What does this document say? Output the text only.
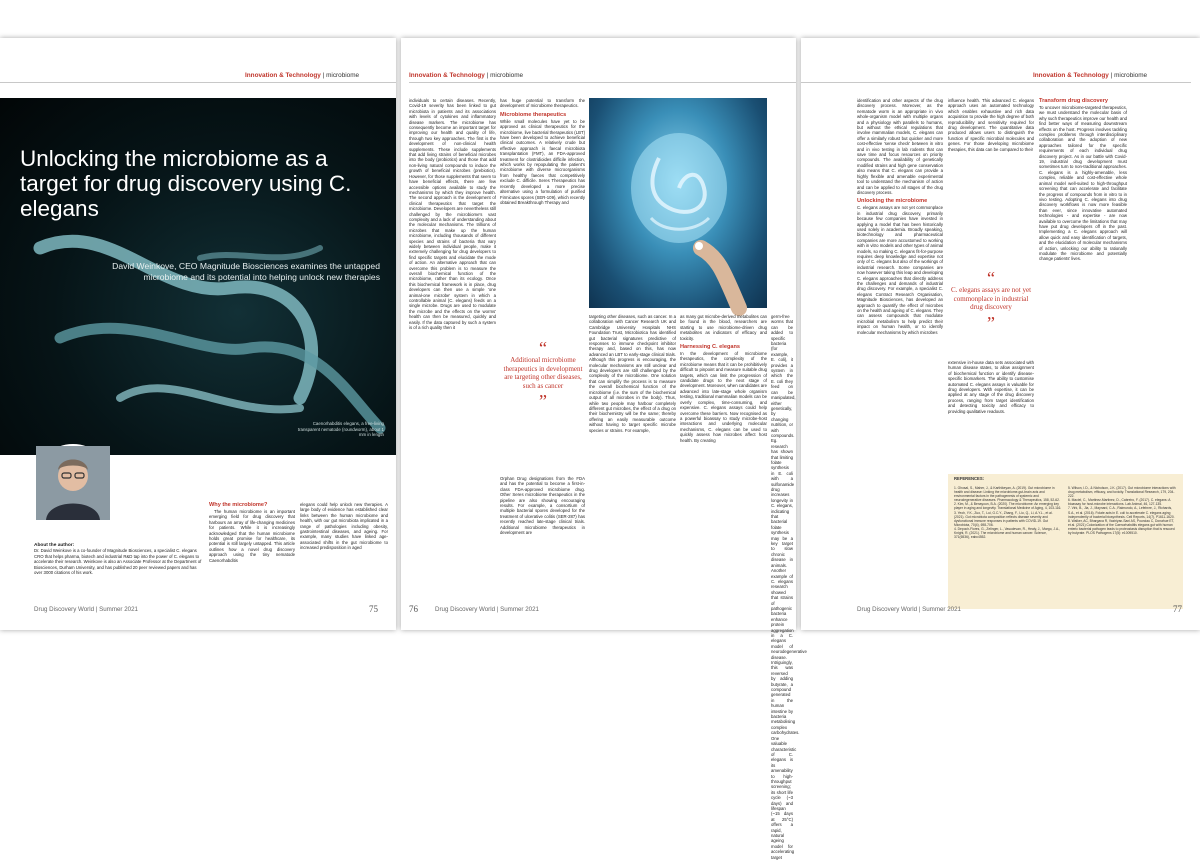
Innovation & Technology | microbiome
Unlocking the microbiome as a target for drug discovery using C. elegans
David Weinkove, CEO Magnitude Biosciences examines the untapped microbiome and its potential into helping unlock new therapies
Caenorhabditis elegans, a free-living transparent nematode (roundworm), about 1 mm in length
About the author:
Dr. David Weinkove is a co-founder of Magnitude Biosciences, a specialist C. elegans CRO that helps pharma, biotech and industrial R&D tap into the power of C. elegans to accelerate their research. Weinkove is also an Associate Professor at the Department of Biosciences, Durham University, and has published 20 peer reviewed papers and has over 3000 citations of his work.
Why the microbiome?

The human microbiome is an important emerging field for drug discovery that harbours an array of life-changing medicines for patients. While it is increasingly acknowledged that the human microbiome holds great promise for healthcare, its potential is still largely untapped. This article outlines how a novel drug discovery approach using the tiny nematode Caenorhabditis

elegans could help unlock new therapies. A large body of evidence has established clear links between the human microbiome and health, with our gut microbiota implicated in a range of pathologies including obesity, gastrointestinal diseases, and ageing. For example, many studies have linked age-associated shifts in the gut microbiome to increased predisposition in aged

Drug Discovery World | Summer 2021	75
Innovation & Technology | microbiome

individuals to certain diseases. Recently, Covid-19 severity has been linked to gut microbiota in patients and its associations with levels of cytokines and inflammatory disease markers. The microbiome has consequently become an important target for improving our health and quality of life, through two key approaches. The first is the development of non-clinical health supplements. These include supplements that add living strains of beneficial microbes into the body (probiotics) and those that add non-living natural compounds to induce the growth of beneficial microbes (prebiotics). However, for those supplements that seem to have beneficial effects, there are few accessible options available to study the mechanisms by which they improve health. The second approach is the development of clinical therapeutics that target the microbiome. Developers are nevertheless still challenged by the microbiome's vast complexity and a lack of understanding about the molecular mechanisms. The trillions of microbes that make up the human microbiome, including thousands of different species and strains of bacteria that vary widely between individual people, make it extremely challenging for drug developers to find specific targets and elucidate the mode of action. An alternative approach that can overcome this problem is to measure the overall biochemical function of the microbiome, rather than its ecology. Once this biochemical framework is in place, drug developers can then use a simple 'one animal-one microbe' system in which a controllable animal (C. elegans) feeds on a single microbe. Drugs are used to modulate the microbe and the effects on the worms' health can then be measured, quickly and easily. If the data captured by such a system is of a rich quality then it

has huge potential to transform the development of microbiome therapeutics.

Microbiome therapeutics

While small molecules have yet to be approved as clinical therapeutics for the microbiome, live bacterial therapeutics (LBT) have been developed to achieve beneficial clinical outcomes. A relatively crude but effective approach is faecal microbiota transplantation (FMT), an FDA-approved treatment for clostridioides difficile infection, which works by repopulating the patient's microbiome with diverse microorganisms from healthy faeces that competitively exclude C. difficile. Seres Therapeutics has recently developed a more precise alternative using a formulation of purified Firmicutes spores (SER-109), which recently obtained Breakthrough Therapy and

“
Additional microbiome therapeutics in development are targeting other diseases, such as cancer
”

Orphan Drug designations from the FDA and has the potential to become a first-in-class FDA-approved microbiome drug. Other Seres microbiome therapeutics in the pipeline are also showing encouraging results. For example, a consortium of multiple bacterial spores developed for the treatment of ulcerative colitis (SER-287) has recently reached late-stage clinical trials. Additional microbiome therapeutics in development are

targeting other diseases, such as cancer. In a collaboration with Cancer Research UK and Cambridge University Hospitals NHS Foundation Trust, Microbiotica has identified gut bacterial signatures predictive of responses to immune checkpoint inhibitor therapy and, based on this, has now advanced an LBT to early-stage clinical trials. Although this progress is encouraging, the molecular mechanisms are still unclear and drug developers are still challenged by the complexity of the microbiome. One solution that can simplify the process is to measure the overall biochemical function of the microbiome (i.e. the sum of the biochemical output of all microbes in the body). Thus, while two people may harbour completely different gut microbes, the effect of a drug on their biochemistry will be the same; thereby offering an easily measurable outcome without having to target specific microbe species or strains. For example,

as many gut microbe-derived metabolites can be found in the blood, researchers are starting to use microbiome-driven drug metabolites as indicators of efficacy and toxicity.

Harnessing C. elegans

In the development of microbiome therapeutics, the complexity of the microbiome means that it can be prohibitively difficult to pinpoint and measure suitable drug targets, which can limit the progression of candidate drugs to the next stage of development. Moreover, when candidates are advanced into late-stage whole organism testing, traditional mammalian models can be overly complex, time-consuming, and expensive. C. elegans assays could help overcome these barriers. Now recognised as a powerful bioassay to study microbe-host interactions and underlying molecular mechanisms, C. elegans can be used to quickly assess how microbes affect host health. By creating

Drug Discovery World | Summer 2021
76

germ-free worms that can be added to specific bacteria (for example, E. coli), it provides a system in which the E. coli they feed on can be manipulated, either genetically, by changing nutrition, or with compounds. Eg. research has shown that limiting folate synthesis in E. coli with a sulfonamide drug increases longevity in C. elegans, indicating that bacterial folate synthesis may be a key target to slow chronic disease in animals. Another example of C. elegans research showed that strains of pathogenic bacteria enhance protein aggregation in a C. elegans model of neurodegenerative disease. Intriguingly, this was reversed by adding butyrate, a compound generated in the human intestine by bacteria metabolising complex carbohydrates. One valuable characteristic of C. elegans is its amenability to high-throughput screening; its short life cycle (~3 days) and lifespan (~15 days at 25°C) offers a rapid, natural ageing model for accelerating target

Innovation & Technology | microbiome

identification and other aspects of the drug discovery process. Moreover, as the nematode worm is an appropriate in vivo whole-organism model with multiple organs and a physiology with parallels to humans, but without the ethical regulations that involve mammalian models, C. elegans can offer a similarly robust but quicker and more cost-effective 'sense check' between in vitro and in vivo testing in lab rodents that can save time and focus resources on priority compounds. The availability of genetically modified strains and high gene conservation also means that C. elegans can provide a highly flexible and amenable experimental tool to understand the mechanism of action and can be applied to all stages of the drug discovery process.

Unlocking the microbiome

C. elegans assays are not yet commonplace in industrial drug discovery, primarily because few companies have invested in applying a model that has been historically used solely in academia. Broadly speaking, biotechnology and pharmaceutical companies are more accustomed to working with in vitro models and other types of animal models, so making C. elegans fit-for-purpose requires deep knowledge and expertise not only of C. elegans but also of the workings of industrial research. Some companies are now however taking this leap and developing C. elegans approaches that directly address the challenges and demands of industrial drug discovery. For example, a specialist C. elegans Contract Research Organisation, Magnitude Biosciences, has developed an approach to quantify the effect of microbes on the health and ageing of C. elegans. They can assess compounds that modulate microbial metabolism to help predict their impact on human health, or to identify molecular mechanisms by which microbes

influence health. This advanced C. elegans approach uses an automated technology which enables exhaustive and rich data acquisition to provide the high degree of both reproducibility and sensitivity required for drug development. The quantitative data produced allows users to distinguish the function of specific microbial molecules and genes. For those developing microbiome therapies, this data can be compared to their

“
C. elegans assays are not yet commonplace in industrial drug discovery
”

extensive in-house data sets associated with human disease states, to allow assignment of biochemical function or identify disease-specific biomarkers. The ability to customise automated C. elegans assays is valuable for drug developers. With expertise, it can be applied at any stage of the drug discovery process, ranging from target identification and detecting toxicity and efficacy to providing qualitative readouts.

Transform drug discovery

To uncover microbiome-targeted therapeutics, we must understand the molecular basis of why such therapeutics improve our health and find better ways of measuring downstream effects on the host. Progress involves tackling complex problems through interdisciplinary collaboration and the adoption of new approaches tailored for the specific requirements of each individual drug discovery project. As in our battle with Covid-19, industrial drug development must sometimes turn to non-traditional approaches. C. elegans is a highly-amenable, less complex, reliable and cost-effective whole animal model well-suited to high-throughput screening that can accelerate and facilitate the progress of compounds from in vitro to in vivo testing. Adopting C. elegans into drug discovery workflows is now more feasible than ever, since innovative automated technologies - and expertise - are now available to overcome the limitations that may have put drug developers off in the past. Implementing a C. elegans approach will allow quick and easy identification of targets, and the elucidation of molecular mechanisms of action, unlocking our ability to rationally modulate the microbiome and potentially change patients' lives.

REFERENCES:
1. Ghosal, S., Maher, J., & Karthikeyan, A. (2019). Gut microbiome in health and disease: Linking the microbiome-gut-brain axis and environmental factors in the pathogenesis of systemic and neurodegenerative diseases. Pharmacology & Therapeutics, 158, 52-62.
2. Kim, M., & Benayoun, B.A. (2020). The microbiome: An emerging key player in aging and longevity. Translational Medicine of Aging, 4, 103-116.
3. Yeoh, Y.K., Zuo, T., Lui, G.C.Y., Zhang, F., Liu, Q., Li, A.Y.L., et al. (2021). Gut microbiota composition reflects disease severity and dysfunctional immune responses in patients with COVID-19. Gut Microbiota, 70(4), 698-706.
4. Depoch-Flores, G., Zelinger, L., Vasudevan, R., Healy, J., Margo, J.A., Knight, R. (2021). The microbiome and human cancer. Science, 371(6536), eabc4552.
5. Wilson, I.D., & Nicholson, J.K. (2017). Gut microbiome interactions with drug metabolism, efficacy, and toxicity. Translational Research, 179, 204-222.
6. Maciel, C., Martinez-Martinez, D., Cabreiro, F. (2017). C. elegans: A bioassay for host-microbe interactions. Lab Animal, 46, 127-135.
7. Virk, B., Jia, J., Maynard, C.A., Raimundo, A., Lefebvre, J., Richards, S.A., et al. (2016). Folate acts in E. coli to accelerate C. elegans aging independently of bacterial biosynthesis. Cell Reports, 14(7), P1611-1620.
8. Walker, AC, Bhargava R, Vaziriyan-Sani AS, Pourciau C, Donahue ET, et al. (2021) Colonization of the Caenorhabditis elegans gut with human enteric bacterial pathogen leads to proteostasis disruption that is rescued by butyrate. PLOS Pathogens 17(5): e1009510.
Drug Discovery World | Summer 2021	77
